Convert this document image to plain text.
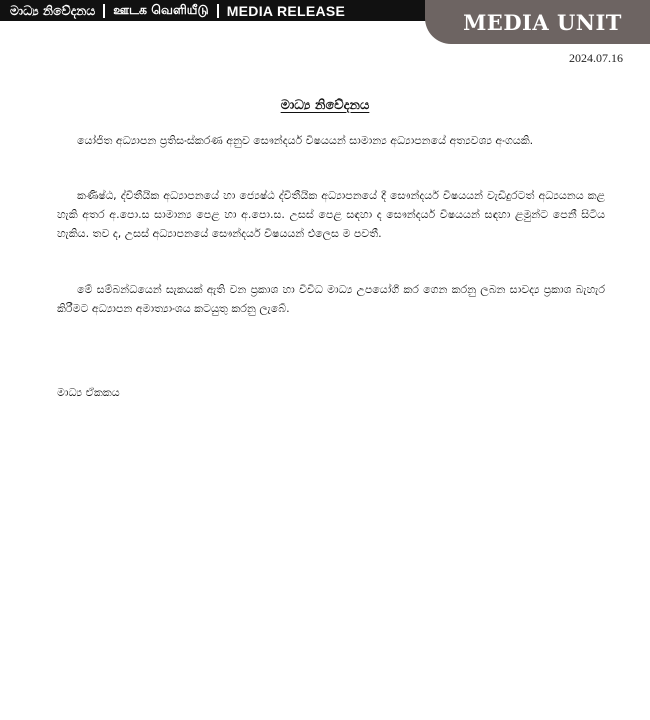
මාධ්‍ය නිවේදනය ஊடக வெளியீடு MEDIA RELEASE	MEDIA UNIT
2024.07.16
මාධ්‍ය නිවේදනය

යෝජිත අධ්‍යාපන ප්‍රතිසංස්කරණ අනුව සෞන්දර්ය විෂයයන් සාමාන්‍ය අධ්‍යාපනයේ අත්‍යවශ්‍ය අංගයකි.

කණිෂ්ඨ, ද්විතීයික අධ්‍යාපනයේ හා ජ්‍යෙෂ්ඨ ද්විතීයික අධ්‍යාපනයේ දී සෞන්දර්ය විෂයයන් වැඩිදුරටත් අධ්‍යයනය කළ හැකි අතර අ.පො.ස සාමාන්‍ය පෙළ හා අ.පො.ස. උසස් පෙළ සඳහා ද සෞන්දර්ය විෂයයන් සඳහා ළමුන්ට පෙනී සිටිය හැකිය. තව ද, උසස් අධ්‍යාපනයේ සෞන්දර්ය විෂයයන් එලෙස ම පවතී.

මේ සම්බන්ධයෙන් සැකයක් ඇති වන ප්‍රකාශ හා විවිධ මාධ්‍ය උපයෝගී කර ගෙන කරනු ලබන සාවද්‍ය ප්‍රකාශ බැහැර කිරීමට අධ්‍යාපන අමාත්‍යාංශය කටයුතු කරනු ලැබේ.

මාධ්‍ය ඒකකය
